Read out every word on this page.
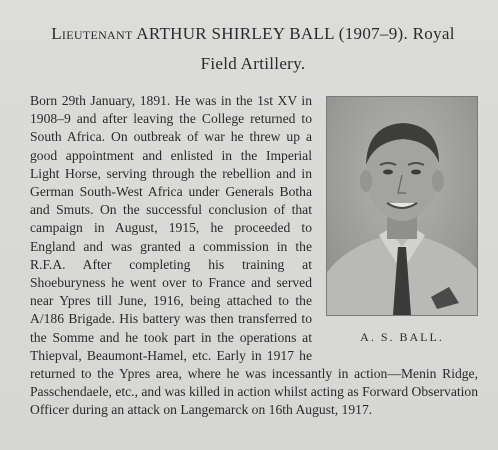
Lieutenant ARTHUR SHIRLEY BALL (1907–9). Royal
Field Artillery.
A. S. BALL.

Born 29th January, 1891. He was in the 1st XV in 1908–9 and after leaving the College returned to South Africa. On outbreak of war he threw up a good appointment and enlisted in the Imperial Light Horse, serving through the rebellion and in German South-West Africa under Generals Botha and Smuts. On the successful conclusion of that campaign in August, 1915, he proceeded to England and was granted a commission in the R.F.A. After completing his training at Shoeburyness he went over to France and served near Ypres till June, 1916, being attached to the A/186 Brigade. His battery was then transferred to the Somme and he took part in the operations at Thiepval, Beaumont-Hamel, etc. Early in 1917 he returned to the Ypres area, where he was incessantly in action—Menin Ridge, Passchendaele, etc., and was killed in action whilst acting as Forward Observation Officer during an attack on Langemarck on 16th August, 1917.
